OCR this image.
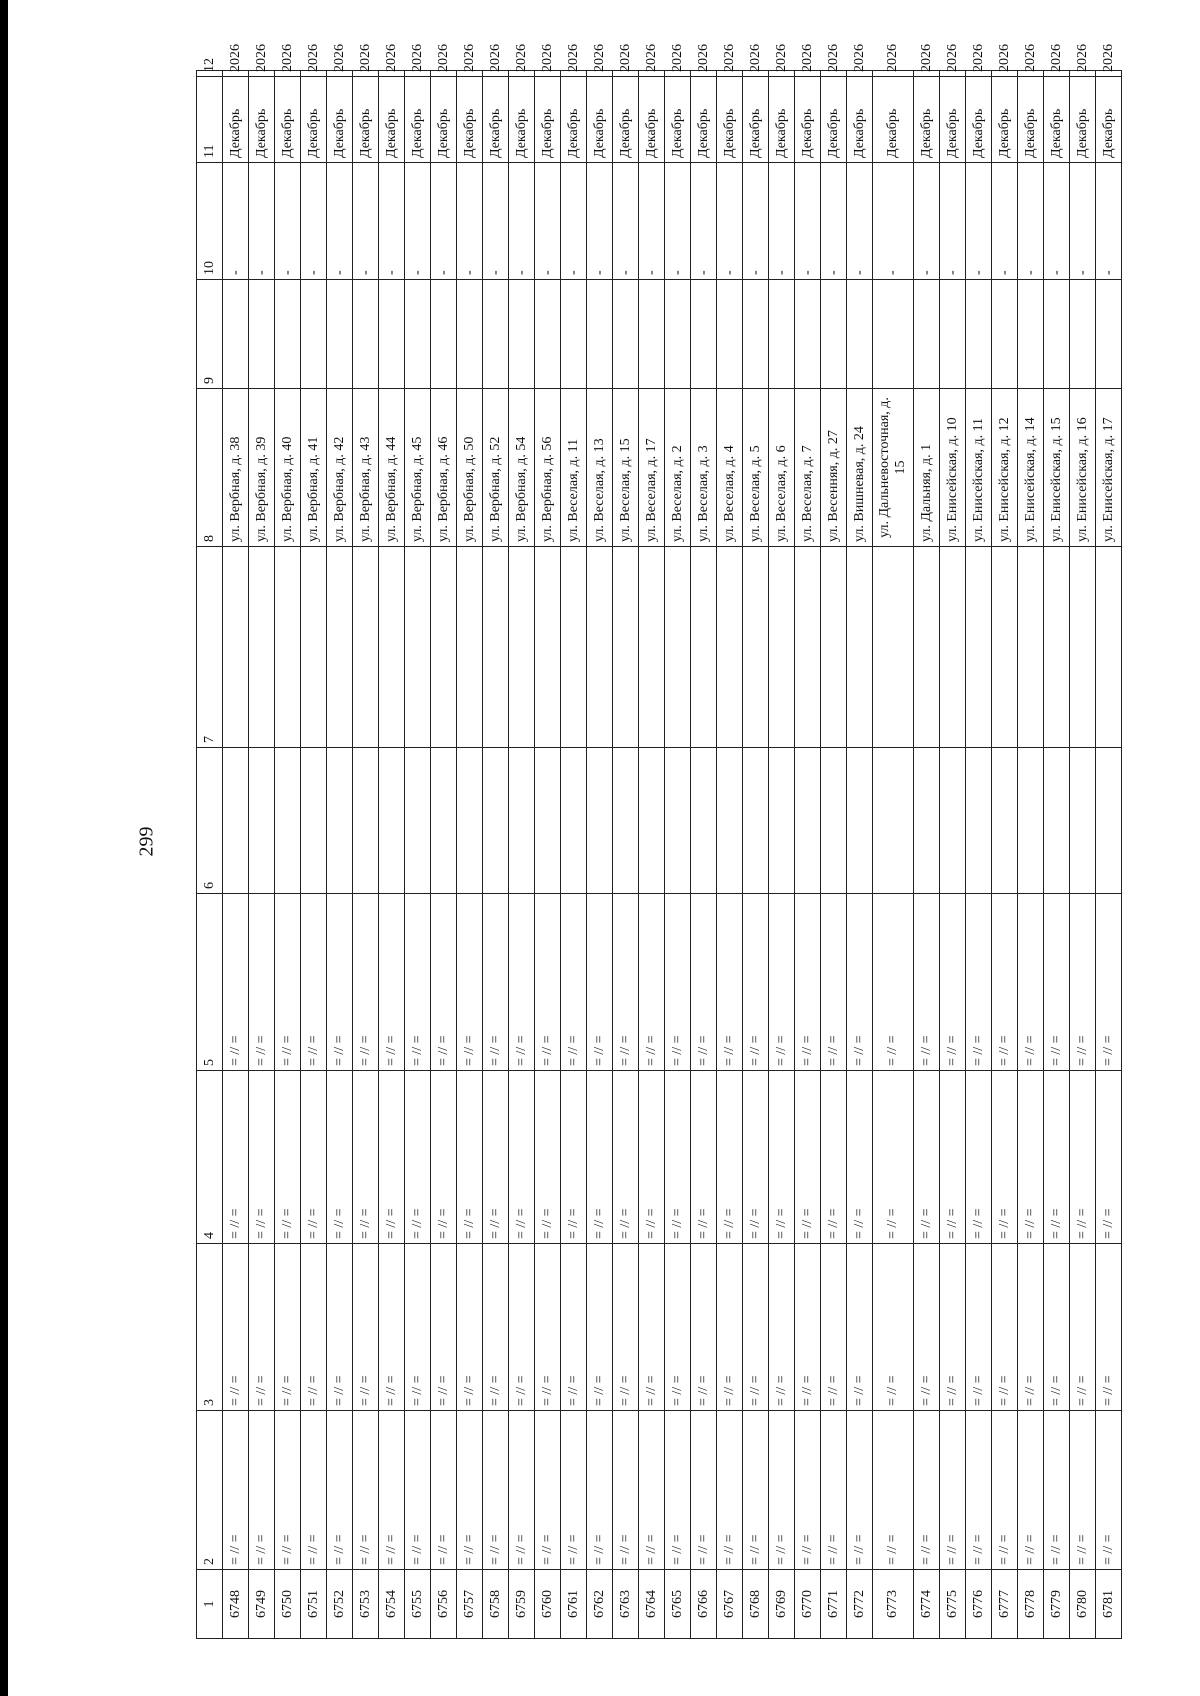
299
1	2	3	4	5	6	7	8	9	10	11	12
6748	= // =	= // =	= // =	= // =			ул. Вербная, д. 38		-	Декабрь	2026
6749	= // =	= // =	= // =	= // =			ул. Вербная, д. 39		-	Декабрь	2026
6750	= // =	= // =	= // =	= // =			ул. Вербная, д. 40		-	Декабрь	2026
6751	= // =	= // =	= // =	= // =			ул. Вербная, д. 41		-	Декабрь	2026
6752	= // =	= // =	= // =	= // =			ул. Вербная, д. 42		-	Декабрь	2026
6753	= // =	= // =	= // =	= // =			ул. Вербная, д. 43		-	Декабрь	2026
6754	= // =	= // =	= // =	= // =			ул. Вербная, д. 44		-	Декабрь	2026
6755	= // =	= // =	= // =	= // =			ул. Вербная, д. 45		-	Декабрь	2026
6756	= // =	= // =	= // =	= // =			ул. Вербная, д. 46		-	Декабрь	2026
6757	= // =	= // =	= // =	= // =			ул. Вербная, д. 50		-	Декабрь	2026
6758	= // =	= // =	= // =	= // =			ул. Вербная, д. 52		-	Декабрь	2026
6759	= // =	= // =	= // =	= // =			ул. Вербная, д. 54		-	Декабрь	2026
6760	= // =	= // =	= // =	= // =			ул. Вербная, д. 56		-	Декабрь	2026
6761	= // =	= // =	= // =	= // =			ул. Веселая, д. 11		-	Декабрь	2026
6762	= // =	= // =	= // =	= // =			ул. Веселая, д. 13		-	Декабрь	2026
6763	= // =	= // =	= // =	= // =			ул. Веселая, д. 15		-	Декабрь	2026
6764	= // =	= // =	= // =	= // =			ул. Веселая, д. 17		-	Декабрь	2026
6765	= // =	= // =	= // =	= // =			ул. Веселая, д. 2		-	Декабрь	2026
6766	= // =	= // =	= // =	= // =			ул. Веселая, д. 3		-	Декабрь	2026
6767	= // =	= // =	= // =	= // =			ул. Веселая, д. 4		-	Декабрь	2026
6768	= // =	= // =	= // =	= // =			ул. Веселая, д. 5		-	Декабрь	2026
6769	= // =	= // =	= // =	= // =			ул. Веселая, д. 6		-	Декабрь	2026
6770	= // =	= // =	= // =	= // =			ул. Веселая, д. 7		-	Декабрь	2026
6771	= // =	= // =	= // =	= // =			ул. Весенняя, д. 27		-	Декабрь	2026
6772	= // =	= // =	= // =	= // =			ул. Вишневая, д. 24		-	Декабрь	2026
6773	= // =	= // =	= // =	= // =			ул. Дальневосточная, д. 15		-	Декабрь	2026
6774	= // =	= // =	= // =	= // =			ул. Дальняя, д. 1		-	Декабрь	2026
6775	= // =	= // =	= // =	= // =			ул. Енисейская, д. 10		-	Декабрь	2026
6776	= // =	= // =	= // =	= // =			ул. Енисейская, д. 11		-	Декабрь	2026
6777	= // =	= // =	= // =	= // =			ул. Енисейская, д. 12		-	Декабрь	2026
6778	= // =	= // =	= // =	= // =			ул. Енисейская, д. 14		-	Декабрь	2026
6779	= // =	= // =	= // =	= // =			ул. Енисейская, д. 15		-	Декабрь	2026
6780	= // =	= // =	= // =	= // =			ул. Енисейская, д. 16		-	Декабрь	2026
6781	= // =	= // =	= // =	= // =			ул. Енисейская, д. 17		-	Декабрь	2026
